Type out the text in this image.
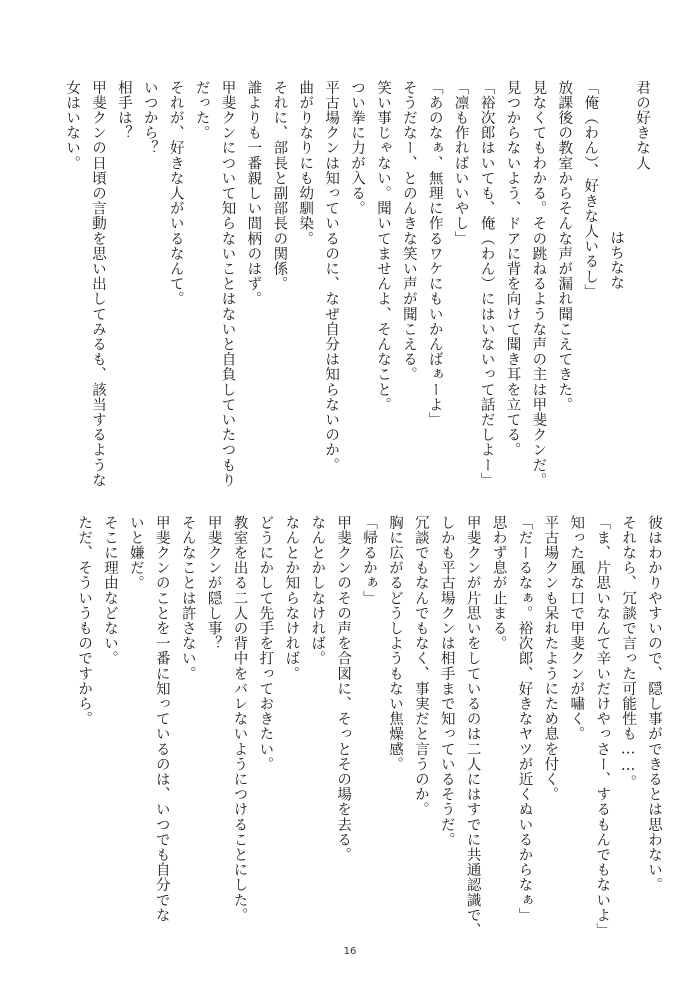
君の好きな人
はちなな
「俺（わん）、好きな人いるし」
放課後の教室からそんな声が漏れ聞こえてきた。
見なくてもわかる。その跳ねるような声の主は甲斐クンだ。
見つからないよう、ドアに背を向けて聞き耳を立てる。
「裕次郎はいても、俺（わん）にはいないって話だしよー」
「凛も作ればいいやし」
「あのなぁ、無理に作るワケにもいかんばぁーよ」
そうだなー、とのんきな笑い声が聞こえる。
笑い事じゃない。聞いてませんよ、そんなこと。
つい拳に力が入る。
平古場クンは知っているのに、なぜ自分は知らないのか。
曲がりなりにも幼馴染。
それに、部長と副部長の関係。
誰よりも一番親しい間柄のはず。
甲斐クンについて知らないことはないと自負していたつもり
だった。
それが、好きな人がいるなんて。
いつから？
相手は？
甲斐クンの日頃の言動を思い出してみるも、該当するような
女はいない。
彼はわかりやすいので、隠し事ができるとは思わない。
それなら、冗談で言った可能性も……。
「ま、片思いなんて辛いだけやっさー、するもんでもないよ」
知った風な口で甲斐クンが嘯く。
平古場クンも呆れたようにため息を付く。
「だーるなぁ。裕次郎、好きなヤツが近くぬいるからなぁ」
思わず息が止まる。
甲斐クンが片思いをしているのは二人にはすでに共通認識で、
しかも平古場クンは相手まで知っているそうだ。
冗談でもなんでもなく、事実だと言うのか。
胸に広がるどうしようもない焦燥感。
「帰るかぁ」
甲斐クンのその声を合図に、そっとその場を去る。
なんとかしなければ。
なんとか知らなければ。
どうにかして先手を打っておきたい。
教室を出る二人の背中をバレないようにつけることにした。
甲斐クンが隠し事？
そんなことは許さない。
甲斐クンのことを一番に知っているのは、いつでも自分でな
いと嫌だ。
そこに理由などない。
ただ、そういうものですから。
16
